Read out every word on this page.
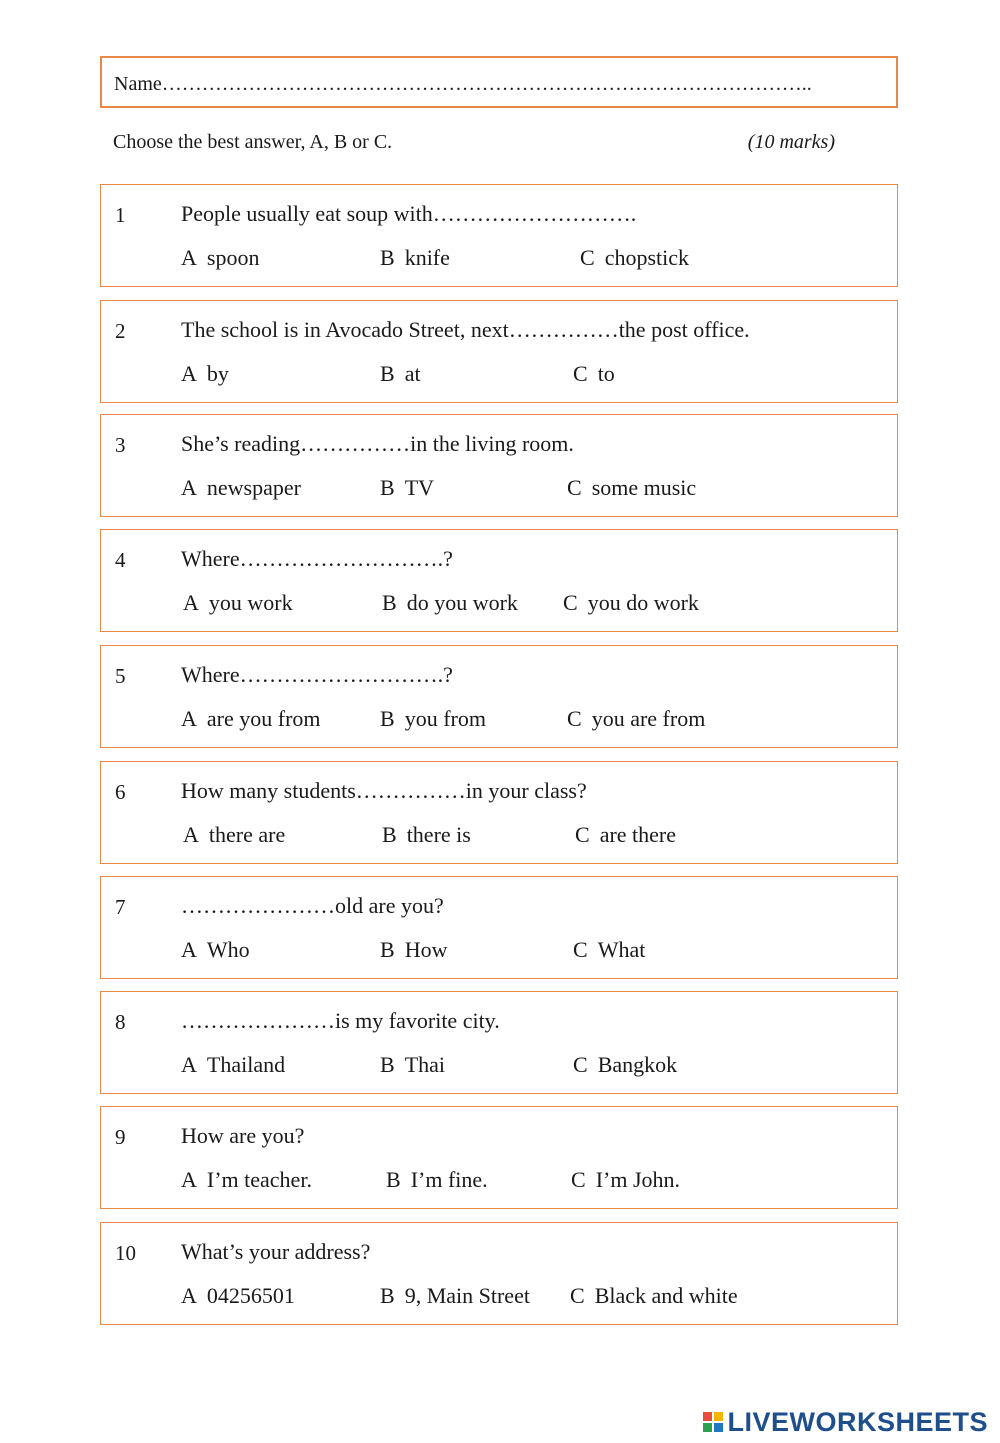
Name……………………………………………………………………………………..
Choose the best answer, A, B or C.	(10 marks)
1	People usually eat soup with……………………….
A spoon	B knife	C chopstick
2	The school is in Avocado Street, next……………the post office.
A by	B at	C to
3	She’s reading……………in the living room.
A newspaper	B TV	C some music
4	Where……………………….?
A you work	B do you work C you do work
5	Where……………………….?
A are you from	B you from	C you are from
6	How many students……………in your class?
A there are	B there is	C are there
7	…………………old are you?
A Who	B How	C What
8	…………………is my favorite city.
A Thailand	B Thai	C Bangkok
9	How are you?
A I’m teacher.	B I’m fine.	C I’m John.
10 What’s your address?
A 04256501	B 9, Main Street C Black and white
LIVEWORKSHEETS
